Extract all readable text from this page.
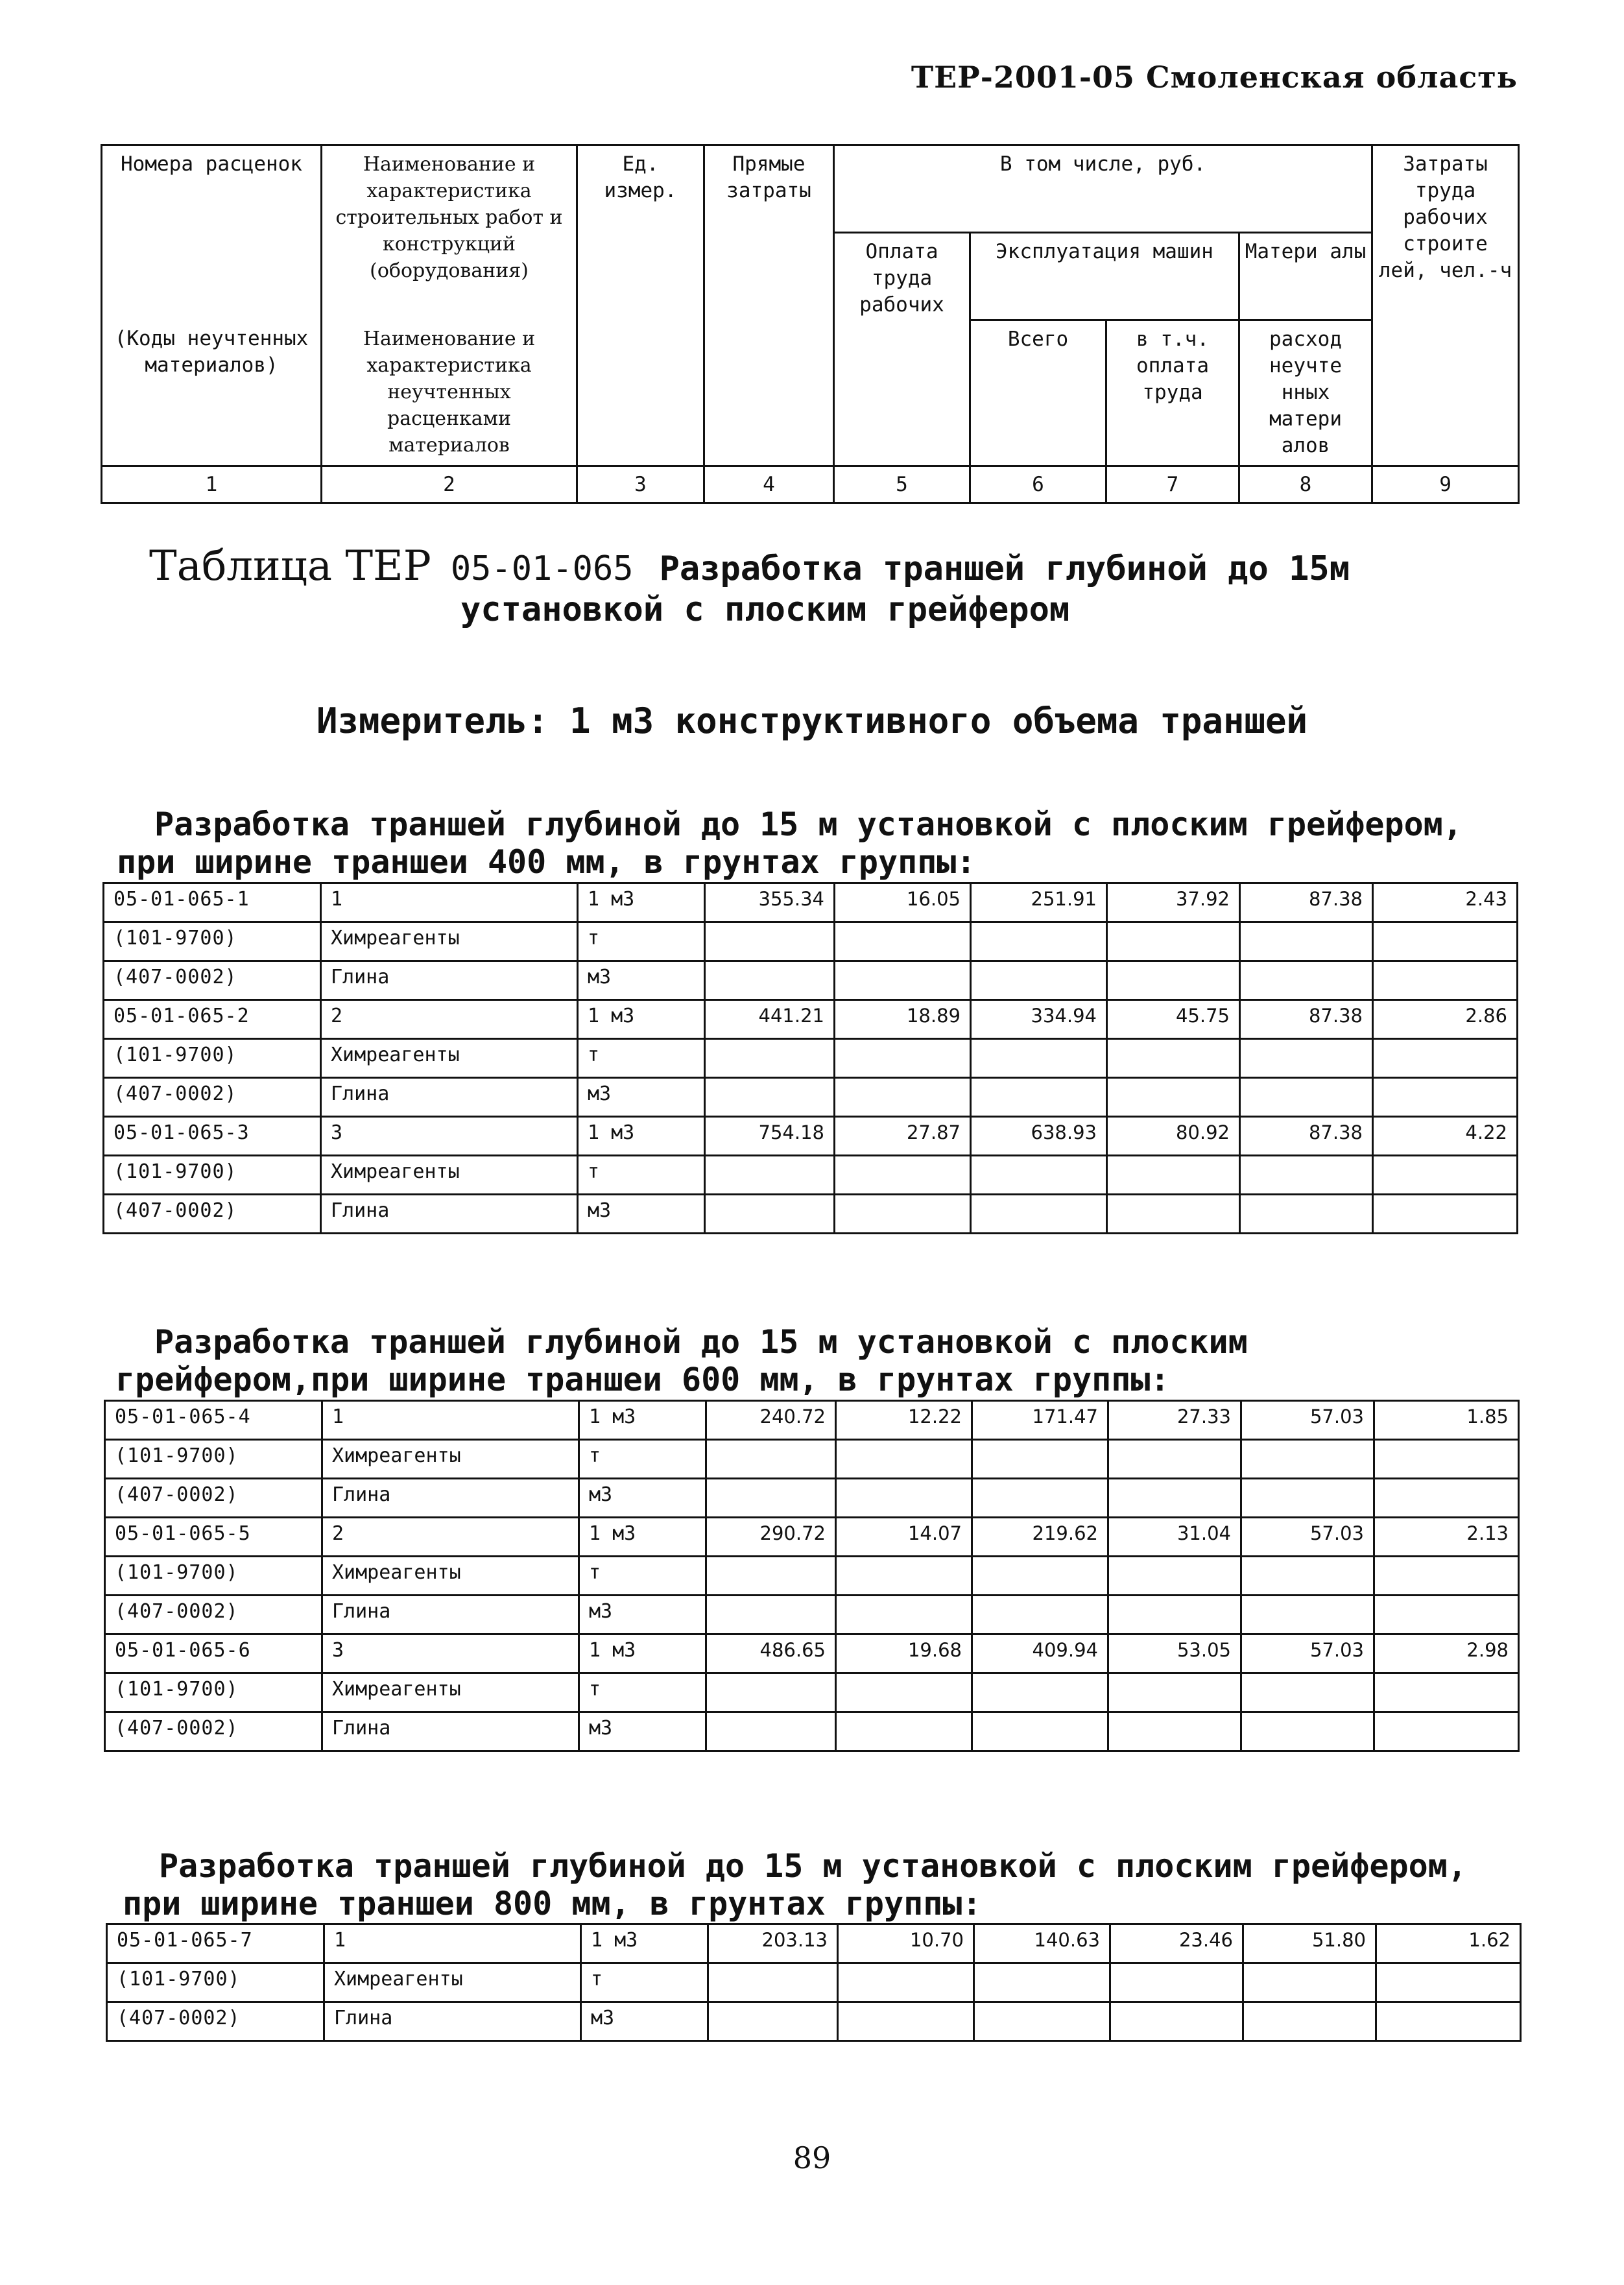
ТЕР-2001-05 Смоленская область
Номера расценок	Наименование и характеристика строительных работ и конструкций (оборудования)	Ед. измер.	Прямые затраты	В том числе, руб.				Затраты труда рабочих строите лей, чел.-ч
				Оплата труда рабочих	Эксплуатация машин		Матери алы	
(Коды неучтенных материалов)	Наименование и характеристика неучтенных расценками материалов				Всего	в т.ч. оплата труда	расход неучте нных матери алов	
1	2	3	4	5	6	7	8	9
Таблица ТЕР 05-01-065 Разработка траншей глубиной до 15м
установкой с плоским грейфером
Измеритель: 1 м3 конструктивного объема траншей
Разработка траншей глубиной до 15 м установкой с плоским грейфером,
при ширине траншеи 400 мм, в грунтах группы:
05-01-065-1	1	1 м3	355.34	16.05	251.91	37.92	87.38	2.43
(101-9700)	Химреагенты	т						
(407-0002)	Глина	м3						
05-01-065-2	2	1 м3	441.21	18.89	334.94	45.75	87.38	2.86
(101-9700)	Химреагенты	т						
(407-0002)	Глина	м3						
05-01-065-3	3	1 м3	754.18	27.87	638.93	80.92	87.38	4.22
(101-9700)	Химреагенты	т						
(407-0002)	Глина	м3						
Разработка траншей глубиной до 15 м установкой с плоским
грейфером,при ширине траншеи 600 мм, в грунтах группы:
05-01-065-4	1	1 м3	240.72	12.22	171.47	27.33	57.03	1.85
(101-9700)	Химреагенты	т						
(407-0002)	Глина	м3						
05-01-065-5	2	1 м3	290.72	14.07	219.62	31.04	57.03	2.13
(101-9700)	Химреагенты	т						
(407-0002)	Глина	м3						
05-01-065-6	3	1 м3	486.65	19.68	409.94	53.05	57.03	2.98
(101-9700)	Химреагенты	т						
(407-0002)	Глина	м3						
Разработка траншей глубиной до 15 м установкой с плоским грейфером,
при ширине траншеи 800 мм, в грунтах группы:
05-01-065-7	1	1 м3	203.13	10.70	140.63	23.46	51.80	1.62
(101-9700)	Химреагенты	т						
(407-0002)	Глина	м3						
89
